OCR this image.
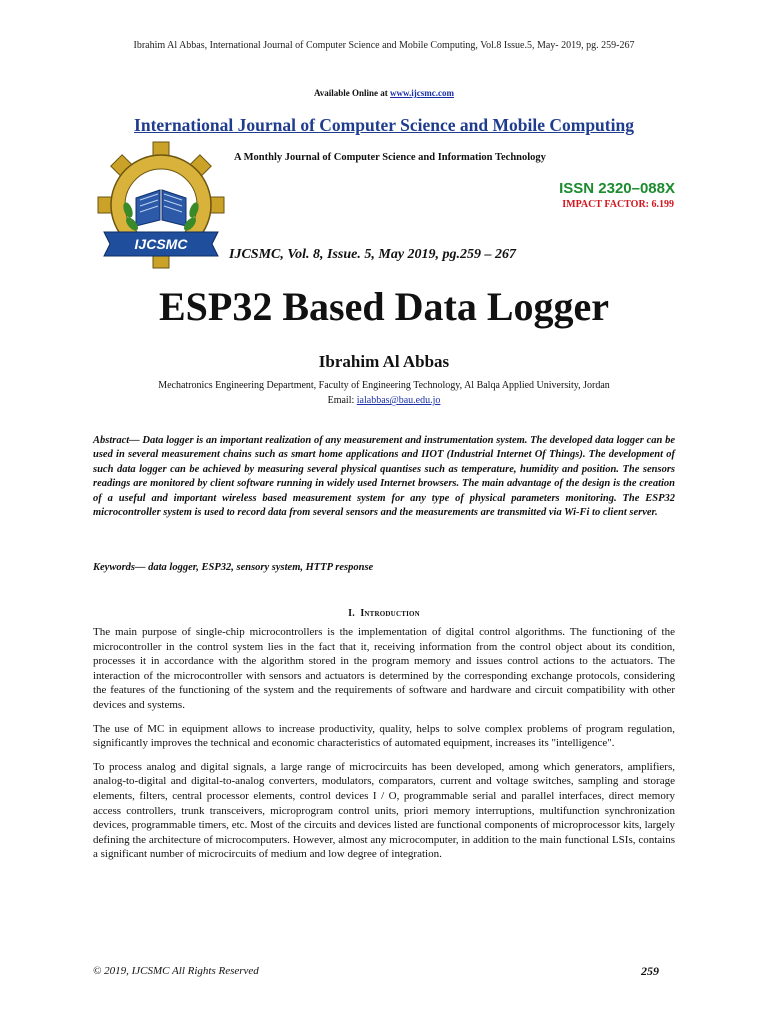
Ibrahim Al Abbas, International Journal of Computer Science and Mobile Computing, Vol.8 Issue.5, May- 2019, pg. 259-267
Available Online at www.ijcsmc.com
International Journal of Computer Science and Mobile Computing
A Monthly Journal of Computer Science and Information Technology
IJCSMC
ISSN 2320–088X
IMPACT FACTOR: 6.199
IJCSMC, Vol. 8, Issue. 5, May 2019, pg.259 – 267
ESP32 Based Data Logger
Ibrahim Al Abbas
Mechatronics Engineering Department, Faculty of Engineering Technology, Al Balqa Applied University, Jordan
Email: ialabbas@bau.edu.jo
Abstract— Data logger is an important realization of any measurement and instrumentation system. The developed data logger can be used in several measurement chains such as smart home applications and IIOT (Industrial Internet Of Things). The development of such data logger can be achieved by measuring several physical quantises such as temperature, humidity and position. The sensors readings are monitored by client software running in widely used Internet browsers. The main advantage of the design is the creation of a useful and important wireless based measurement system for any type of physical parameters monitoring. The ESP32 microcontroller system is used to record data from several sensors and the measurements are transmitted via Wi-Fi to client server.
Keywords— data logger, ESP32, sensory system, HTTP response
I. Introduction

The main purpose of single-chip microcontrollers is the implementation of digital control algorithms. The functioning of the microcontroller in the control system lies in the fact that it, receiving information from the control object about its condition, processes it in accordance with the algorithm stored in the program memory and issues control actions to the actuators. The interaction of the microcontroller with sensors and actuators is determined by the corresponding exchange protocols, considering the features of the functioning of the system and the requirements of software and hardware and circuit compatibility with other devices and systems.

The use of MC in equipment allows to increase productivity, quality, helps to solve complex problems of program regulation, significantly improves the technical and economic characteristics of automated equipment, increases its "intelligence".

To process analog and digital signals, a large range of microcircuits has been developed, among which generators, amplifiers, analog-to-digital and digital-to-analog converters, modulators, comparators, current and voltage switches, sampling and storage elements, filters, central processor elements, control devices I / O, programmable serial and parallel interfaces, direct memory access controllers, trunk transceivers, microprogram control units, priori memory interruptions, multifunction synchronization devices, programmable timers, etc. Most of the circuits and devices listed are functional components of microprocessor kits, largely defining the architecture of microcomputers. However, almost any microcomputer, in addition to the main functional LSIs, contains a significant number of microcircuits of medium and low degree of integration.

© 2019, IJCSMC All Rights Reserved	259
